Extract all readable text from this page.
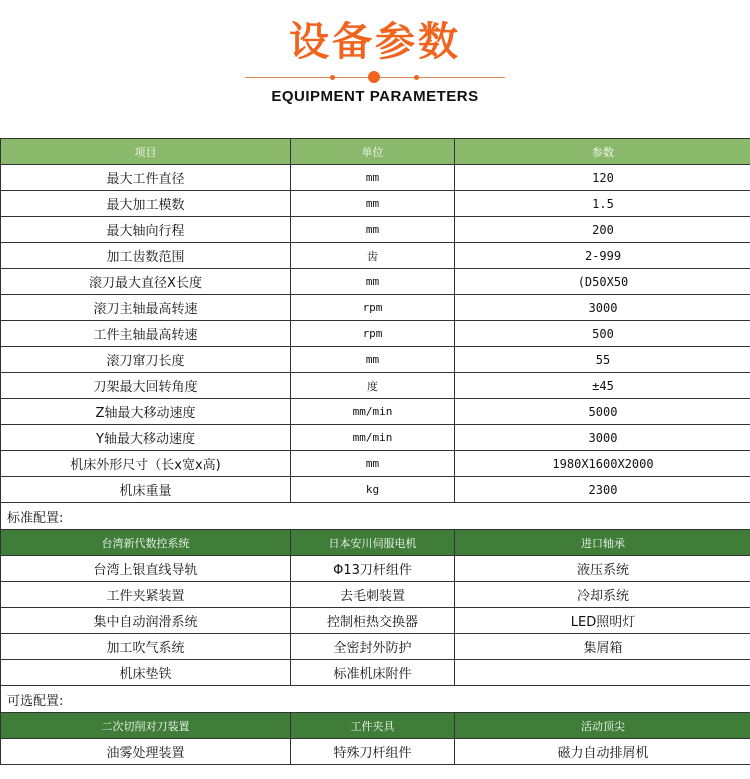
设备参数
EQUIPMENT PARAMETERS
项目	单位	参数
最大工件直径	mm	120
最大加工模数	mm	1.5
最大轴向行程	mm	200
加工齿数范围	齿	2-999
滚刀最大直径X长度	mm	(D50X50
滚刀主轴最高转速	rpm	3000
工件主轴最高转速	rpm	500
滚刀窜刀长度	mm	55
刀架最大回转角度	度	±45
Z轴最大移动速度	mm/min	5000
Y轴最大移动速度	mm/min	3000
机床外形尺寸（长x宽x高)	mm	1980X1600X2000
机床重量	kg	2300
标准配置:		
台湾新代数控系统	日本安川伺服电机	进口轴承
台湾上银直线导轨	Φ13刀杆组件	液压系统
工件夹紧装置	去毛刺装置	冷却系统
集中自动润滑系统	控制柜热交换器	LED照明灯
加工吹气系统	全密封外防护	集屑箱
机床垫铁	标准机床附件	
可选配置:		
二次切削对刀装置	工件夹具	活动顶尖
油雾处理装置	特殊刀杆组件	磁力自动排屑机
